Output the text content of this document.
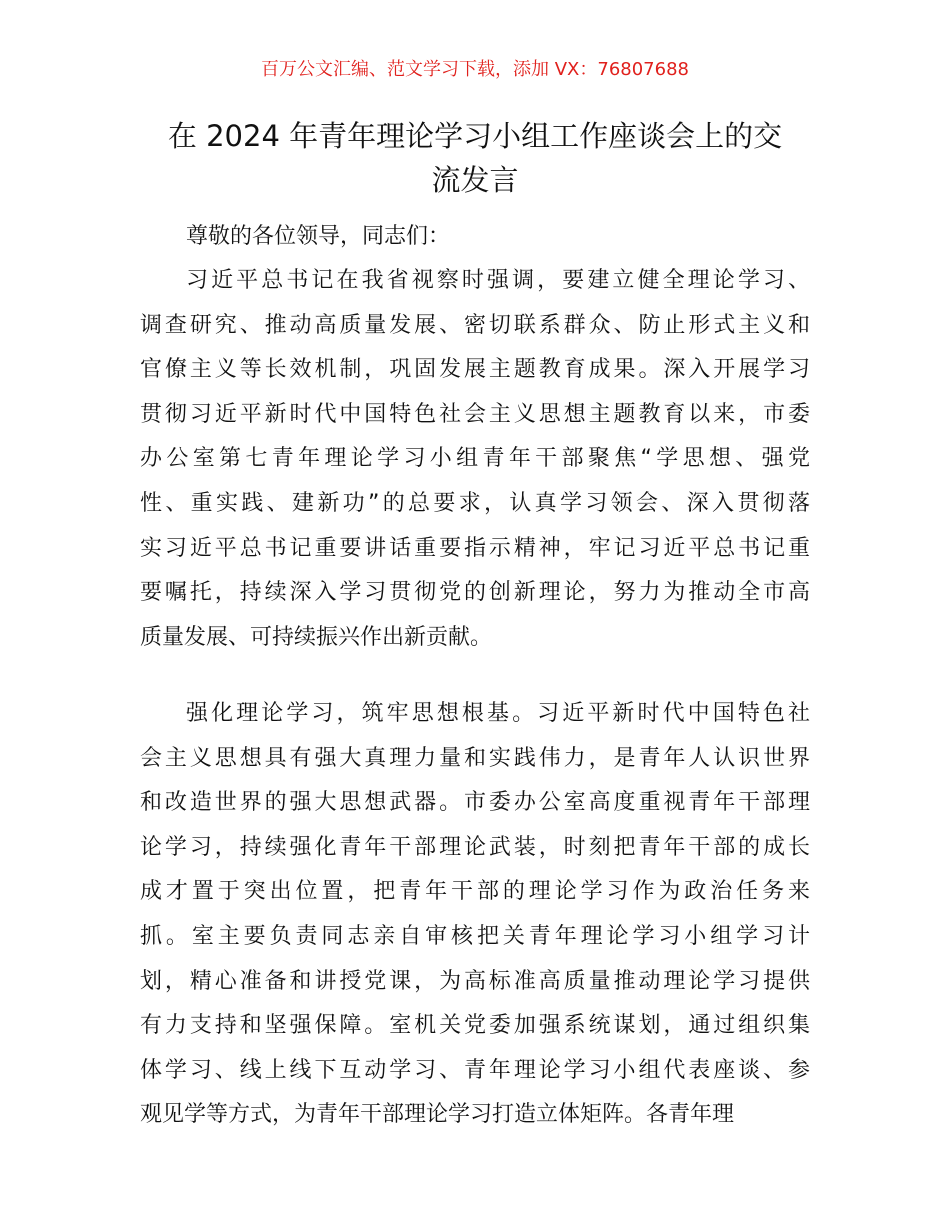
百万公文汇编、范文学习下载，添加 VX：76807688
在 2024 年青年理论学习小组工作座谈会上的交
流发言
尊敬的各位领导，同志们：
习近平总书记在我省视察时强调，要建立健全理论学习、
调查研究、推动高质量发展、密切联系群众、防止形式主义和
官僚主义等长效机制，巩固发展主题教育成果。深入开展学习
贯彻习近平新时代中国特色社会主义思想主题教育以来，市委
办公室第七青年理论学习小组青年干部聚焦“学思想、强党
性、重实践、建新功”的总要求，认真学习领会、深入贯彻落
实习近平总书记重要讲话重要指示精神，牢记习近平总书记重
要嘱托，持续深入学习贯彻党的创新理论，努力为推动全市高
质量发展、可持续振兴作出新贡献。
强化理论学习，筑牢思想根基。习近平新时代中国特色社
会主义思想具有强大真理力量和实践伟力，是青年人认识世界
和改造世界的强大思想武器。市委办公室高度重视青年干部理
论学习，持续强化青年干部理论武装，时刻把青年干部的成长
成才置于突出位置，把青年干部的理论学习作为政治任务来
抓。室主要负责同志亲自审核把关青年理论学习小组学习计
划，精心准备和讲授党课，为高标准高质量推动理论学习提供
有力支持和坚强保障。室机关党委加强系统谋划，通过组织集
体学习、线上线下互动学习、青年理论学习小组代表座谈、参
观见学等方式，为青年干部理论学习打造立体矩阵。各青年理
